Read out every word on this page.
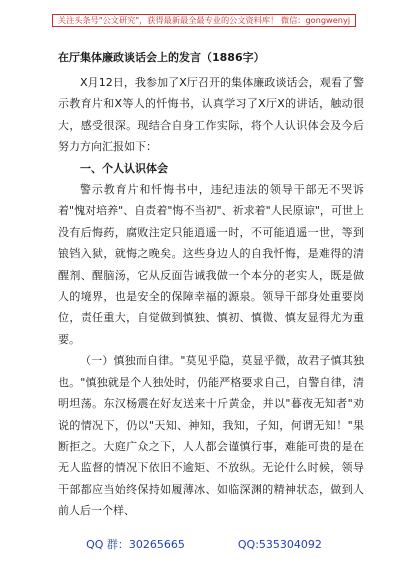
关注头条号"公文研究"，获得最新最全最专业的公文资料库！ 微信：gongwenyj

在厅集体廉政谈话会上的发言（1886字）

X月12日，我参加了X厅召开的集体廉政谈话会，观看了警示教育片和X等人的忏悔书，认真学习了X厅X的讲话，触动很大，感受很深。现结合自身工作实际，将个人认识体会及今后努力方向汇报如下：

一、个人认识体会

警示教育片和忏悔书中，违纪违法的领导干部无不哭诉着"愧对培养"、自责着"悔不当初"、祈求着"人民原谅"，可世上没有后悔药，腐败注定只能逍遥一时，不可能逍遥一世，等到锒铛入狱，就悔之晚矣。这些身边人的自我忏悔，是难得的清醒剂、醒脑汤，它从反面告诫我做一个本分的老实人，既是做人的境界，也是安全的保障幸福的源泉。领导干部身处重要岗位，责任重大，自觉做到慎独、慎初、慎微、慎友显得尤为重要。

（一）慎独而自律。"莫见乎隐，莫显乎微，故君子慎其独也。"慎独就是个人独处时，仍能严格要求自己，自警自律，清明坦荡。东汉杨震在好友送来十斤黄金，并以"暮夜无知者"劝说的情况下，仍以"天知、神知，我知，子知，何谓无知！"果断拒之。大庭广众之下，人人都会谨慎行事，难能可贵的是在无人监督的情况下依旧不逾矩、不放纵。无论什么时候，领导干部都应当始终保持如履薄冰、如临深渊的精神状态，做到人前人后一个样、

QQ 群：30265665	QQ:535304092
